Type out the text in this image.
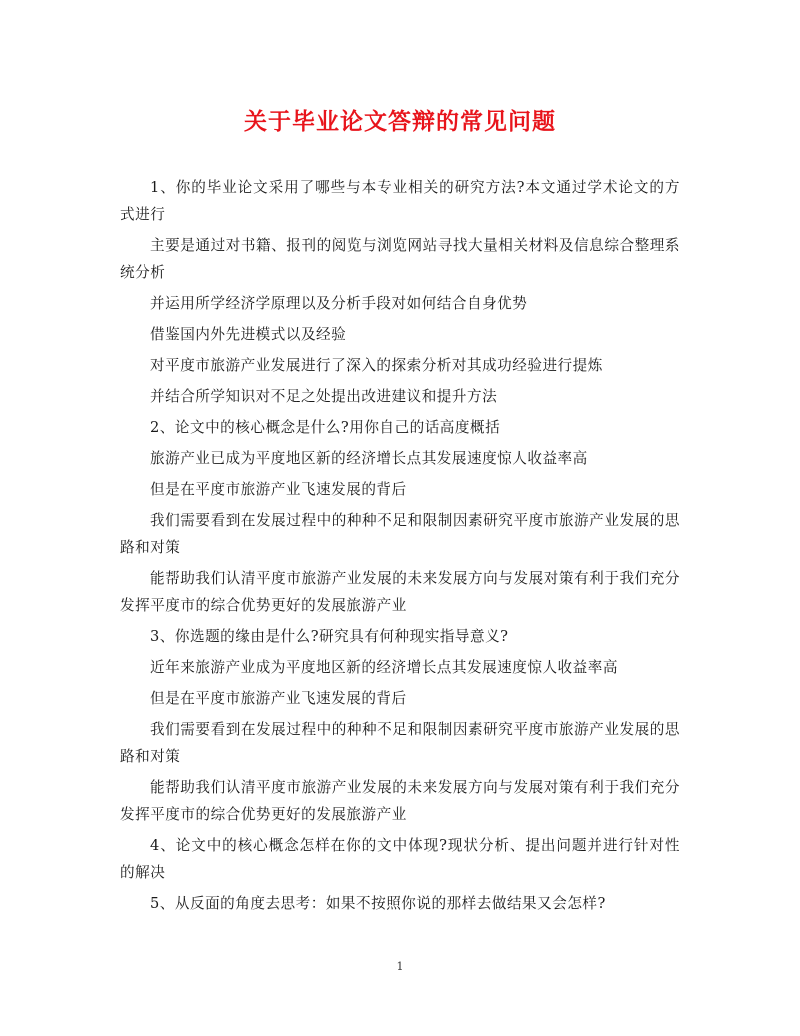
关于毕业论文答辩的常见问题

1、你的毕业论文采用了哪些与本专业相关的研究方法?本文通过学术论文的方式进行

主要是通过对书籍、报刊的阅览与浏览网站寻找大量相关材料及信息综合整理系统分析

并运用所学经济学原理以及分析手段对如何结合自身优势

借鉴国内外先进模式以及经验

对平度市旅游产业发展进行了深入的探索分析对其成功经验进行提炼

并结合所学知识对不足之处提出改进建议和提升方法

2、论文中的核心概念是什么?用你自己的话高度概括

旅游产业已成为平度地区新的经济增长点其发展速度惊人收益率高

但是在平度市旅游产业飞速发展的背后

我们需要看到在发展过程中的种种不足和限制因素研究平度市旅游产业发展的思路和对策

能帮助我们认清平度市旅游产业发展的未来发展方向与发展对策有利于我们充分发挥平度市的综合优势更好的发展旅游产业

3、你选题的缘由是什么?研究具有何种现实指导意义?

近年来旅游产业成为平度地区新的经济增长点其发展速度惊人收益率高

但是在平度市旅游产业飞速发展的背后

我们需要看到在发展过程中的种种不足和限制因素研究平度市旅游产业发展的思路和对策

能帮助我们认清平度市旅游产业发展的未来发展方向与发展对策有利于我们充分发挥平度市的综合优势更好的发展旅游产业

4、论文中的核心概念怎样在你的文中体现?现状分析、提出问题并进行针对性的解决

5、从反面的角度去思考：如果不按照你说的那样去做结果又会怎样?

1
